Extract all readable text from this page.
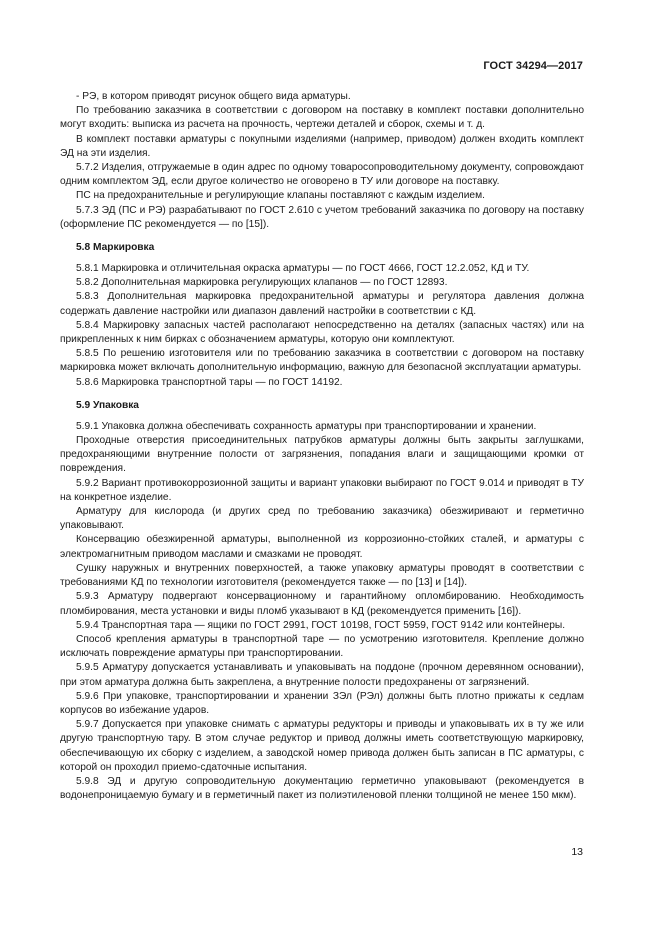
ГОСТ 34294—2017

- РЭ, в котором приводят рисунок общего вида арматуры.

По требованию заказчика в соответствии с договором на поставку в комплект поставки дополнительно могут входить: выписка из расчета на прочность, чертежи деталей и сборок, схемы и т. д.

В комплект поставки арматуры с покупными изделиями (например, приводом) должен входить комплект ЭД на эти изделия.

5.7.2 Изделия, отгружаемые в один адрес по одному товаросопроводительному документу, сопровождают одним комплектом ЭД, если другое количество не оговорено в ТУ или договоре на поставку.

ПС на предохранительные и регулирующие клапаны поставляют с каждым изделием.

5.7.3 ЭД (ПС и РЭ) разрабатывают по ГОСТ 2.610 с учетом требований заказчика по договору на поставку (оформление ПС рекомендуется — по [15]).

5.8 Маркировка

5.8.1 Маркировка и отличительная окраска арматуры — по ГОСТ 4666, ГОСТ 12.2.052, КД и ТУ.

5.8.2 Дополнительная маркировка регулирующих клапанов — по ГОСТ 12893.

5.8.3 Дополнительная маркировка предохранительной арматуры и регулятора давления должна содержать давление настройки или диапазон давлений настройки в соответствии с КД.

5.8.4 Маркировку запасных частей располагают непосредственно на деталях (запасных частях) или на прикрепленных к ним бирках с обозначением арматуры, которую они комплектуют.

5.8.5 По решению изготовителя или по требованию заказчика в соответствии с договором на поставку маркировка может включать дополнительную информацию, важную для безопасной эксплуатации арматуры.

5.8.6 Маркировка транспортной тары — по ГОСТ 14192.

5.9 Упаковка

5.9.1 Упаковка должна обеспечивать сохранность арматуры при транспортировании и хранении.

Проходные отверстия присоединительных патрубков арматуры должны быть закрыты заглушками, предохраняющими внутренние полости от загрязнения, попадания влаги и защищающими кромки от повреждения.

5.9.2 Вариант противокоррозионной защиты и вариант упаковки выбирают по ГОСТ 9.014 и приводят в ТУ на конкретное изделие.

Арматуру для кислорода (и других сред по требованию заказчика) обезжиривают и герметично упаковывают.

Консервацию обезжиренной арматуры, выполненной из коррозионно-стойких сталей, и арматуры с электромагнитным приводом маслами и смазками не проводят.

Сушку наружных и внутренних поверхностей, а также упаковку арматуры проводят в соответствии с требованиями КД по технологии изготовителя (рекомендуется также — по [13] и [14]).

5.9.3 Арматуру подвергают консервационному и гарантийному опломбированию. Необходимость пломбирования, места установки и виды пломб указывают в КД (рекомендуется применить [16]).

5.9.4 Транспортная тара — ящики по ГОСТ 2991, ГОСТ 10198, ГОСТ 5959, ГОСТ 9142 или контейнеры.

Способ крепления арматуры в транспортной таре — по усмотрению изготовителя. Крепление должно исключать повреждение арматуры при транспортировании.

5.9.5 Арматуру допускается устанавливать и упаковывать на поддоне (прочном деревянном основании), при этом арматура должна быть закреплена, а внутренние полости предохранены от загрязнений.

5.9.6 При упаковке, транспортировании и хранении ЗЭл (РЭл) должны быть плотно прижаты к седлам корпусов во избежание ударов.

5.9.7 Допускается при упаковке снимать с арматуры редукторы и приводы и упаковывать их в ту же или другую транспортную тару. В этом случае редуктор и привод должны иметь соответствующую маркировку, обеспечивающую их сборку с изделием, а заводской номер привода должен быть записан в ПС арматуры, с которой он проходил приемо-сдаточные испытания.

5.9.8 ЭД и другую сопроводительную документацию герметично упаковывают (рекомендуется в водонепроницаемую бумагу и в герметичный пакет из полиэтиленовой пленки толщиной не менее 150 мкм).

13
